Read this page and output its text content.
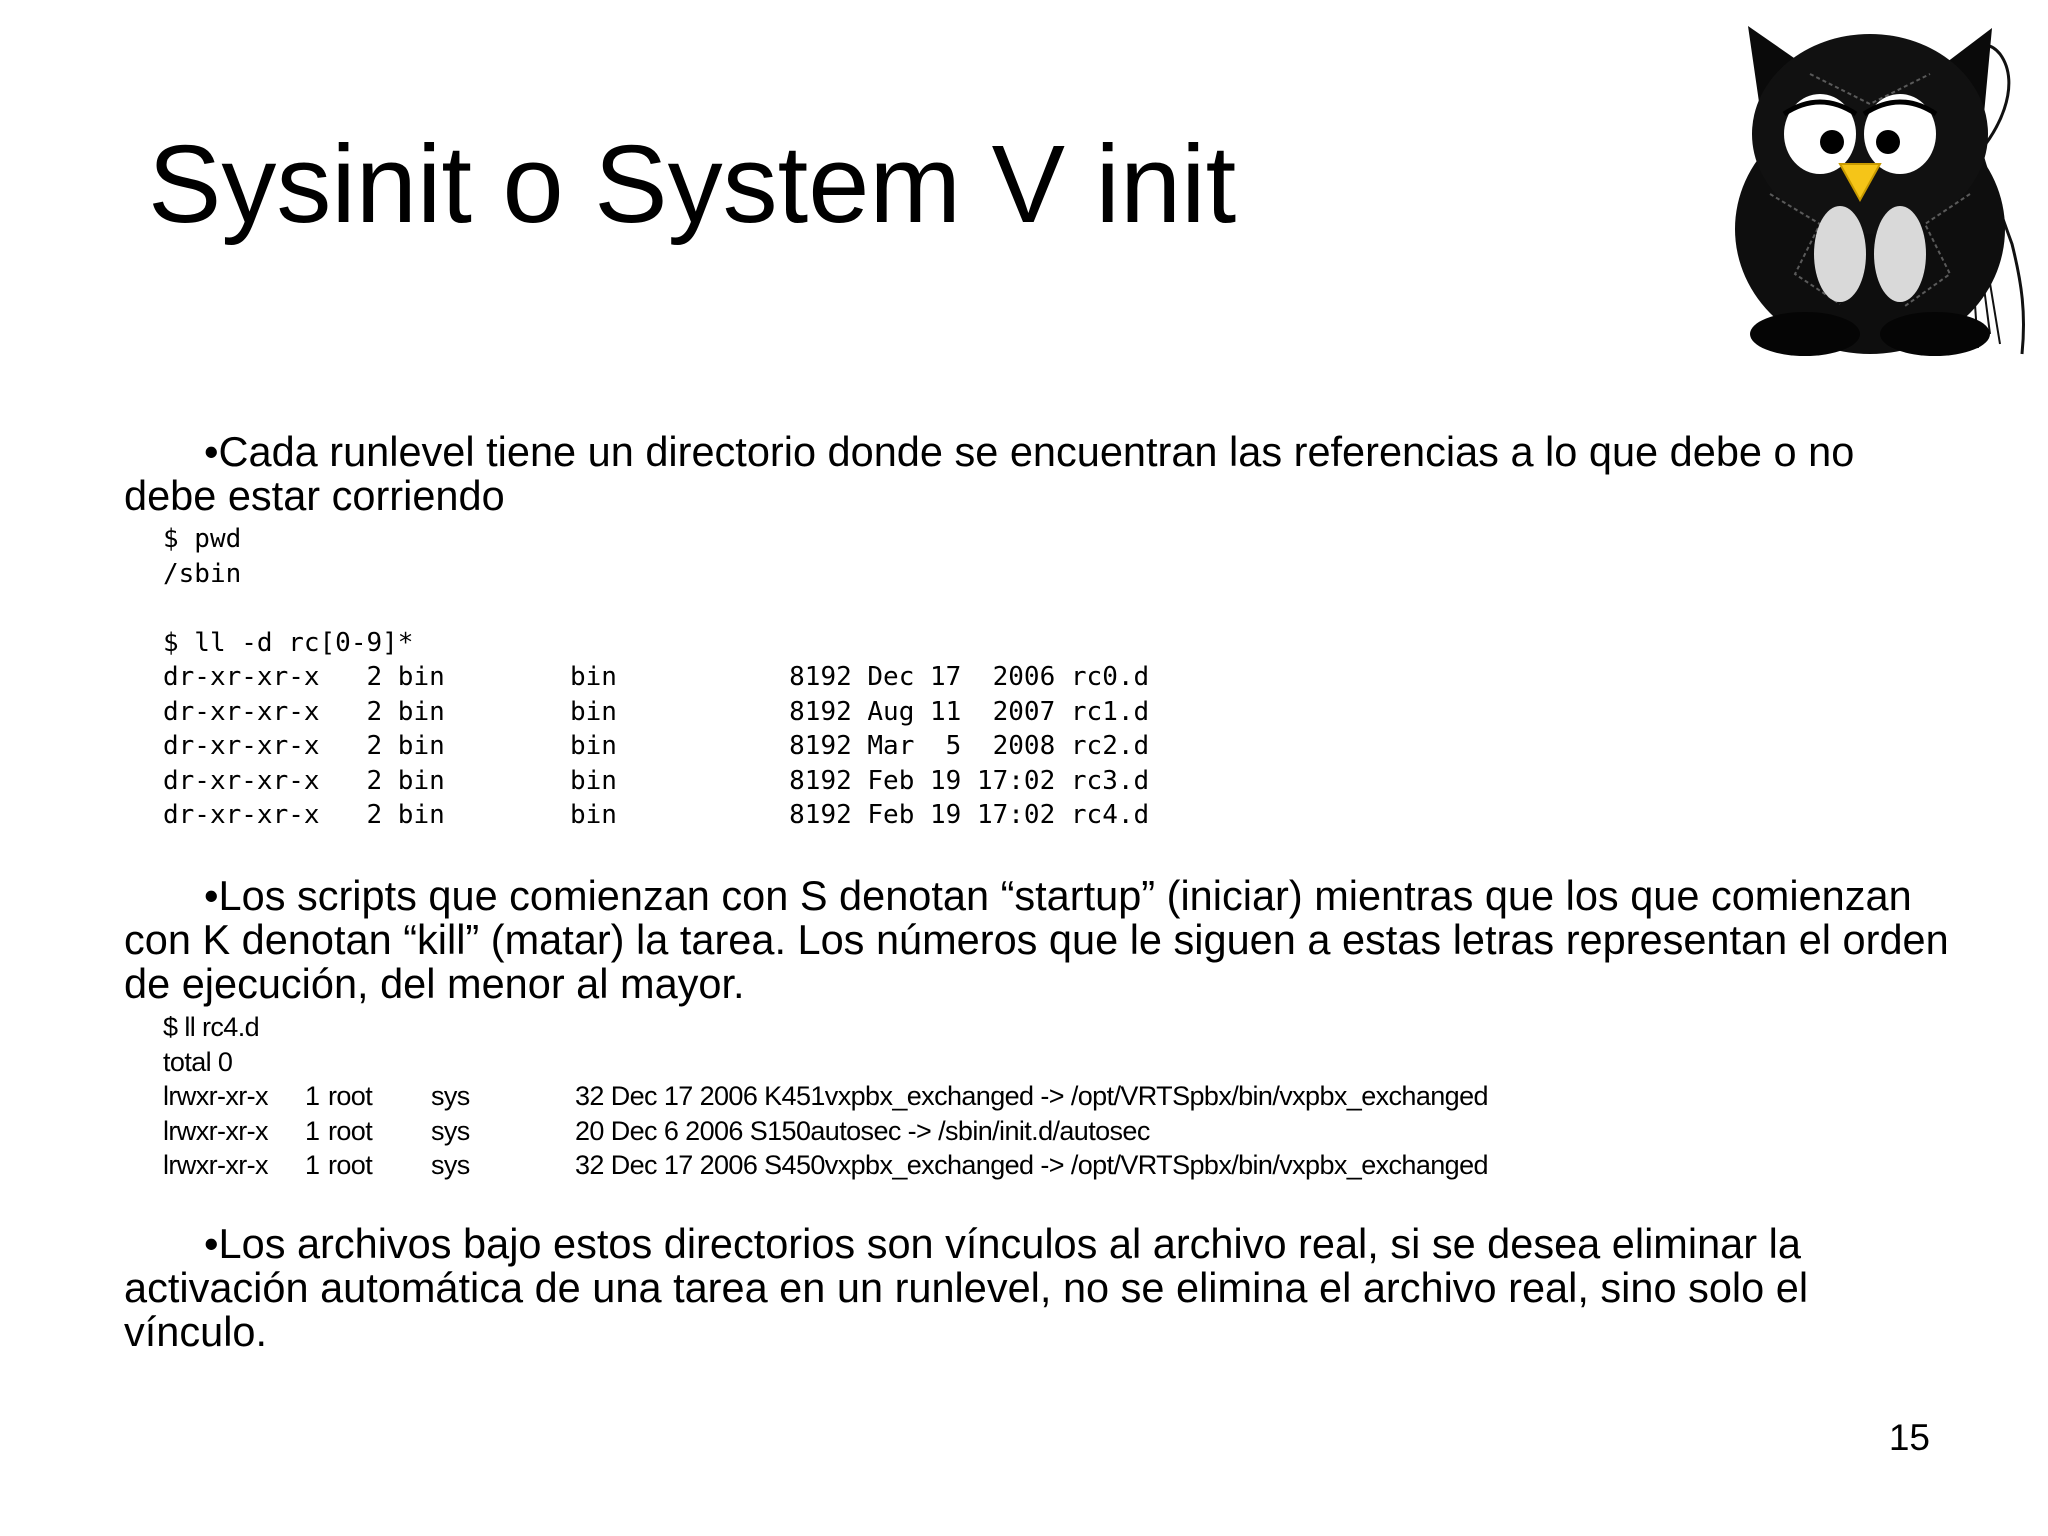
Sysinit o System V init

•Cada runlevel tiene un directorio donde se encuentran las referencias a lo que debe o no debe estar corriendo

$ pwd
/sbin
$ ll -d rc[0-9]*
dr-xr-xr-x   2 bin        bin           8192 Dec 17  2006 rc0.d
dr-xr-xr-x   2 bin        bin           8192 Aug 11  2007 rc1.d
dr-xr-xr-x   2 bin        bin           8192 Mar  5  2008 rc2.d
dr-xr-xr-x   2 bin        bin           8192 Feb 19 17:02 rc3.d
dr-xr-xr-x   2 bin        bin           8192 Feb 19 17:02 rc4.d

•Los scripts que comienzan con S denotan “startup” (iniciar) mientras que los que comienzan con K denotan “kill” (matar) la tarea. Los números que le siguen a estas letras representan el orden de ejecución, del menor al mayor.

$ ll rc4.d
total 0
lrwxr-xr-x 1 root sys	32 Dec 17 2006 K451vxpbx_exchanged -> /opt/VRTSpbx/bin/vxpbx_exchanged
lrwxr-xr-x 1 root sys	20 Dec 6 2006 S150autosec -> /sbin/init.d/autosec
lrwxr-xr-x 1 root sys	32 Dec 17 2006 S450vxpbx_exchanged -> /opt/VRTSpbx/bin/vxpbx_exchanged

•Los archivos bajo estos directorios son vínculos al archivo real, si se desea eliminar la activación automática de una tarea en un runlevel, no se elimina el archivo real, sino solo el vínculo.

15
